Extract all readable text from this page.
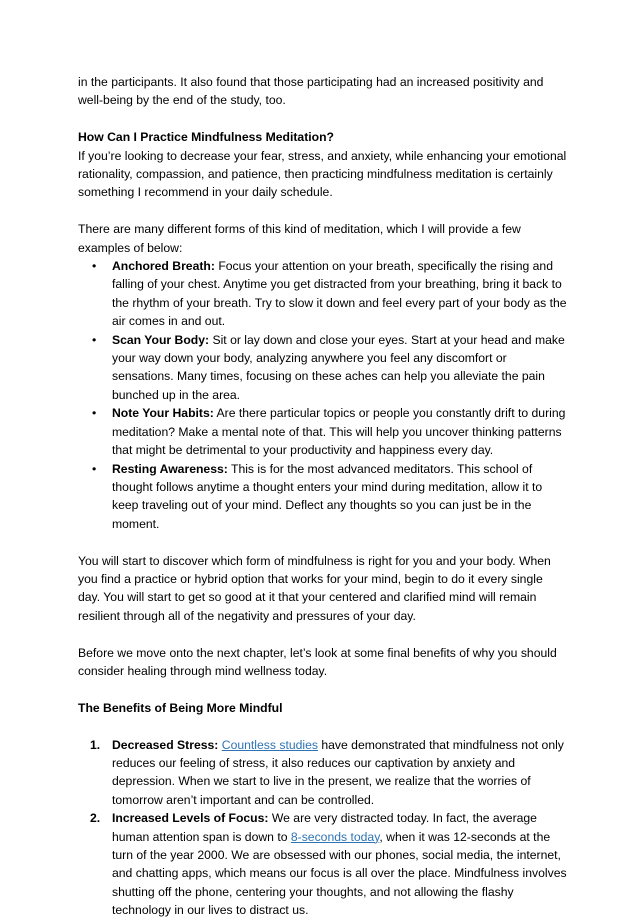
in the participants. It also found that those participating had an increased positivity and well-being by the end of the study, too.

How Can I Practice Mindfulness Meditation?

If you’re looking to decrease your fear, stress, and anxiety, while enhancing your emotional rationality, compassion, and patience, then practicing mindfulness meditation is certainly something I recommend in your daily schedule.

There are many different forms of this kind of meditation, which I will provide a few examples of below:

• Anchored Breath: Focus your attention on your breath, specifically the rising and falling of your chest. Anytime you get distracted from your breathing, bring it back to the rhythm of your breath. Try to slow it down and feel every part of your body as the air comes in and out.
• Scan Your Body: Sit or lay down and close your eyes. Start at your head and make your way down your body, analyzing anywhere you feel any discomfort or sensations. Many times, focusing on these aches can help you alleviate the pain bunched up in the area.
• Note Your Habits: Are there particular topics or people you constantly drift to during meditation? Make a mental note of that. This will help you uncover thinking patterns that might be detrimental to your productivity and happiness every day.
• Resting Awareness: This is for the most advanced meditators. This school of thought follows anytime a thought enters your mind during meditation, allow it to keep traveling out of your mind. Deflect any thoughts so you can just be in the moment.

You will start to discover which form of mindfulness is right for you and your body. When you find a practice or hybrid option that works for your mind, begin to do it every single day. You will start to get so good at it that your centered and clarified mind will remain resilient through all of the negativity and pressures of your day.

Before we move onto the next chapter, let’s look at some final benefits of why you should consider healing through mind wellness today.

The Benefits of Being More Mindful

1. Decreased Stress: Countless studies have demonstrated that mindfulness not only reduces our feeling of stress, it also reduces our captivation by anxiety and depression. When we start to live in the present, we realize that the worries of tomorrow aren’t important and can be controlled.
2. Increased Levels of Focus: We are very distracted today. In fact, the average human attention span is down to 8-seconds today, when it was 12-seconds at the turn of the year 2000. We are obsessed with our phones, social media, the internet, and chatting apps, which means our focus is all over the place. Mindfulness involves shutting off the phone, centering your thoughts, and not allowing the flashy technology in our lives to distract us.
